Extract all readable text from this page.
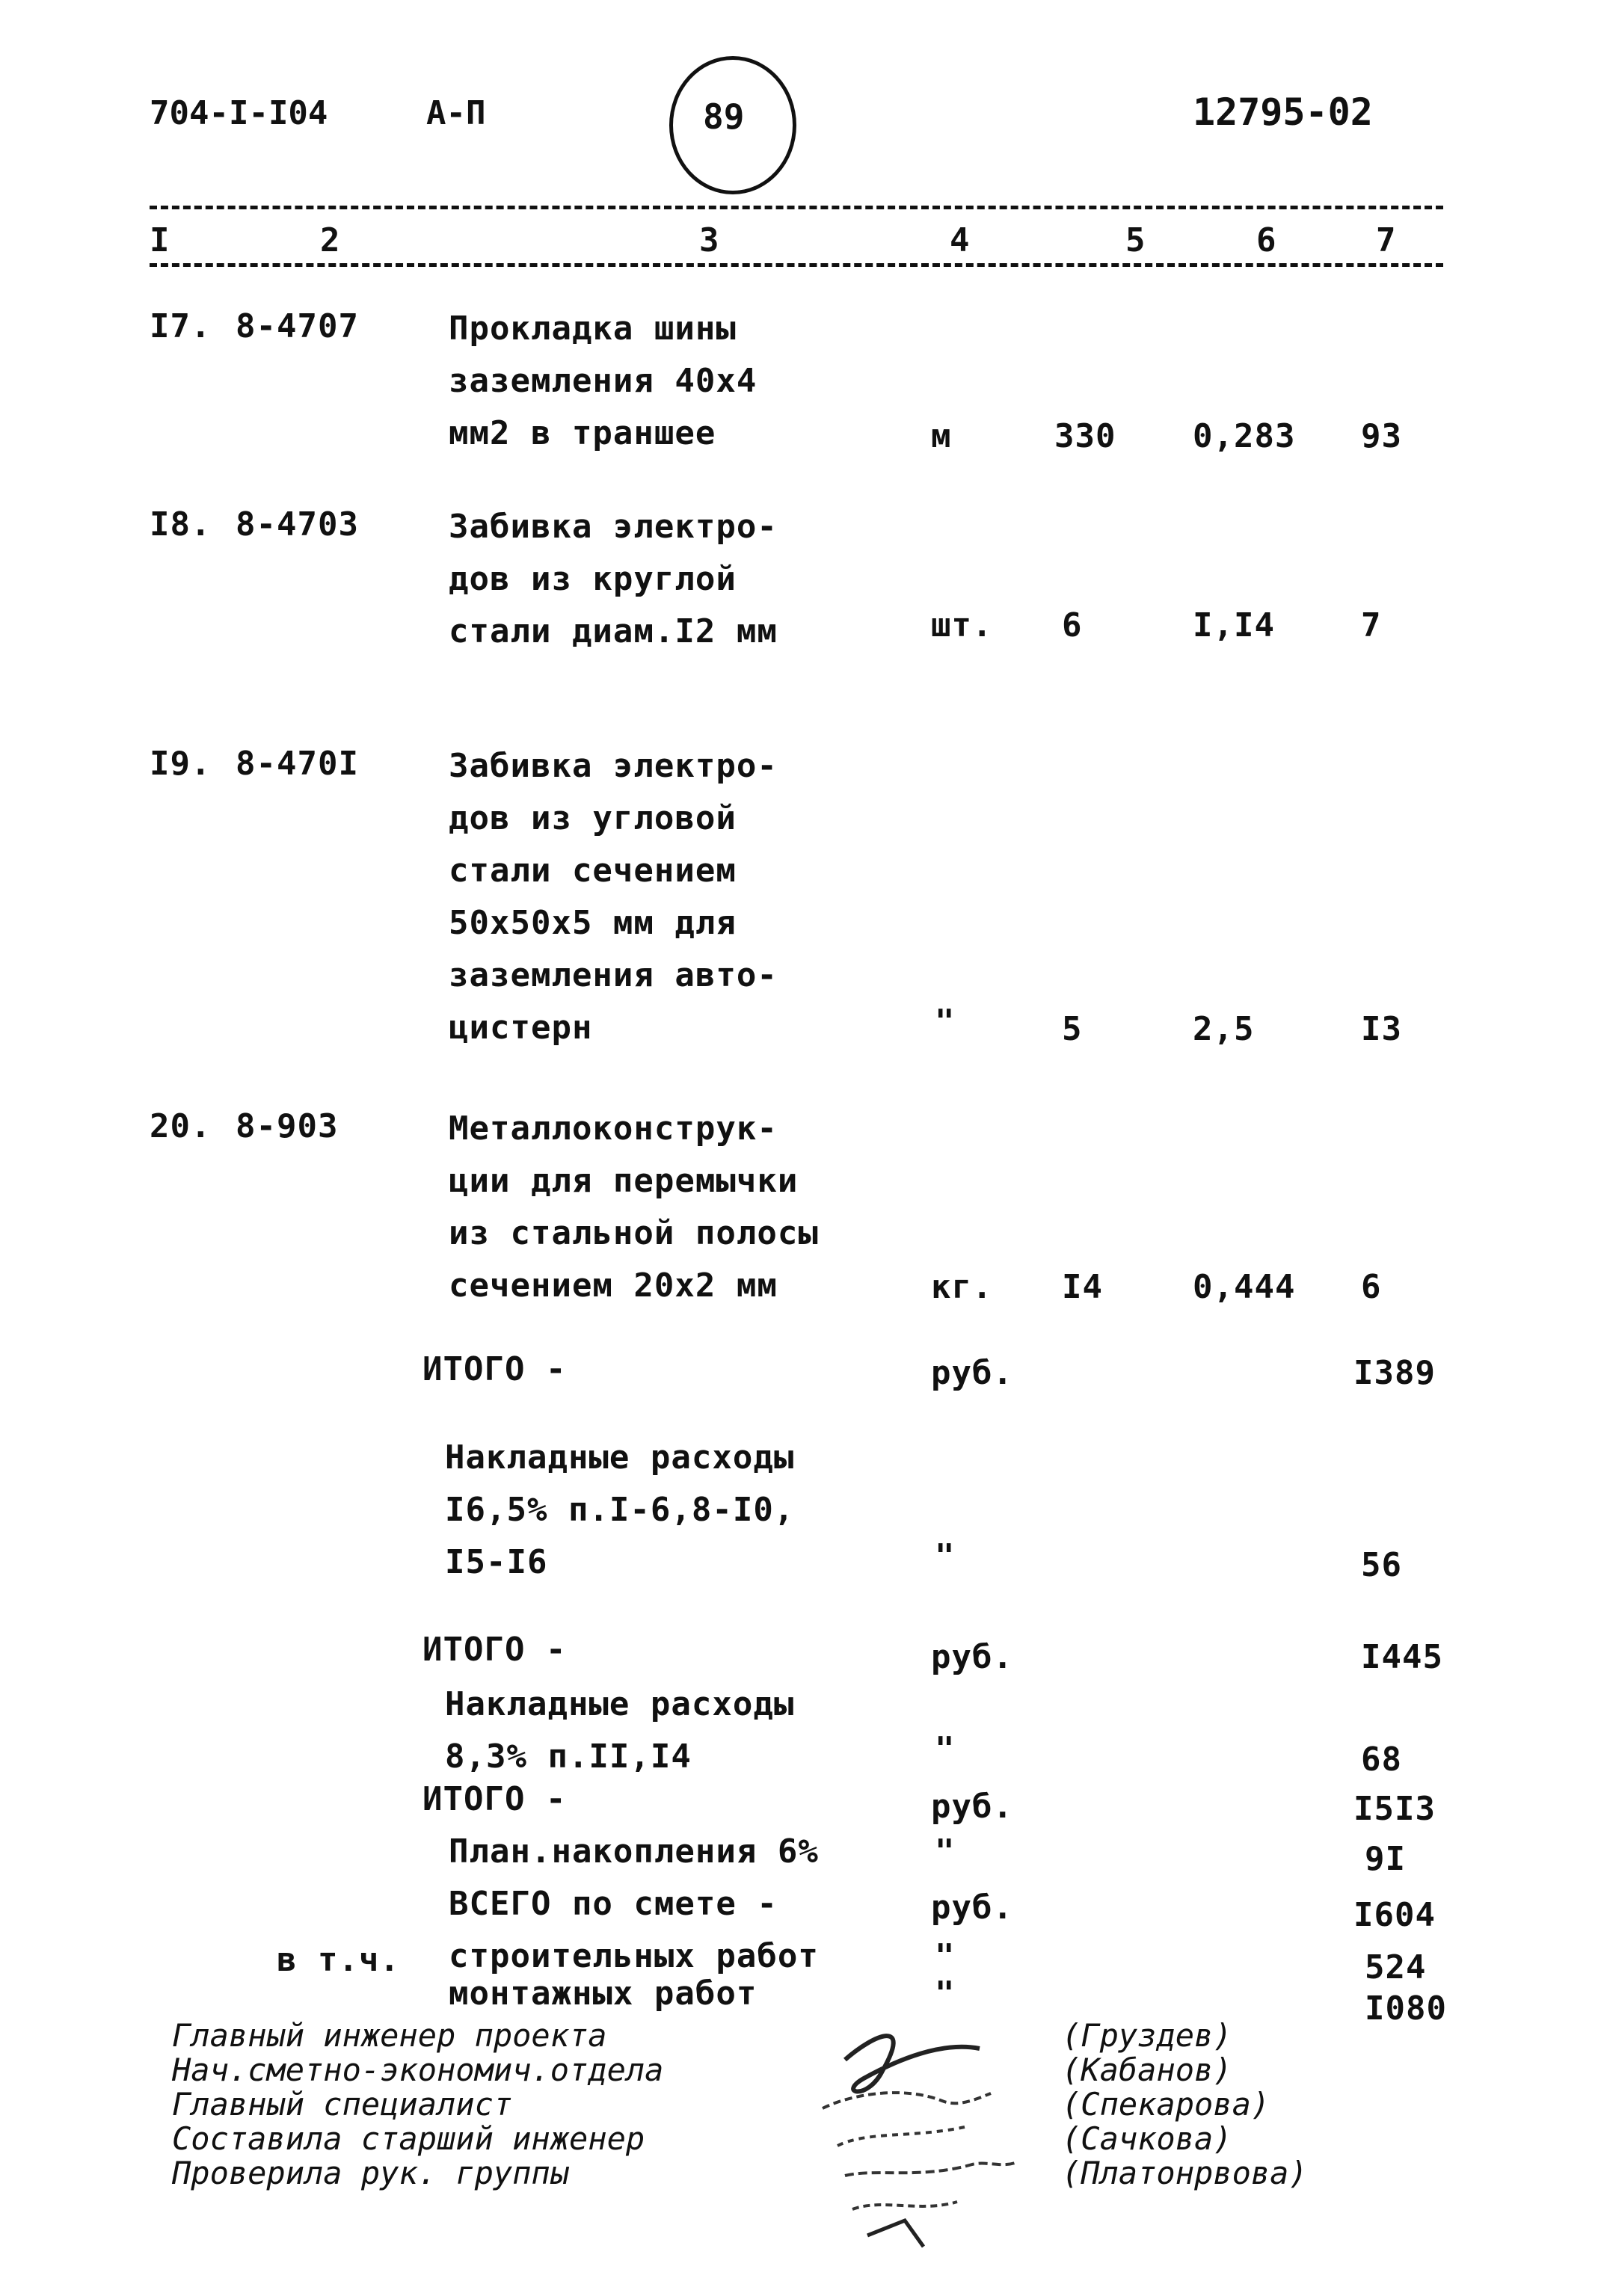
704-I-I04	А-П	89	12795-02
I	2	3	4	5	6	7
I7. 8-4707	Прокладка шины
заземления 40х4
мм2 в траншее	м	330 0,283 93
I8. 8-4703	Забивка электро-
дов из круглой
стали диам.I2 мм	шт. 6	I,I4	7
I9. 8-470I	Забивка электро-
дов из угловой
стали сечением
50х50х5 мм для
заземления авто-
цистерн	"	5	2,5	I3
20. 8-903	Металлоконструк-
ции для перемычки
из стальной полосы
сечением 20х2 мм	кг. I4	0,444 6
ИТОГО -	руб.	I389
Накладные расходы
I6,5% п.I-6,8-I0,
I5-I6	"	56
ИТОГО -	руб.	I445
Накладные расходы
8,3% п.II,I4	"	68
ИТОГО -	руб.	I5I3
План.накопления 6%	"	9I
ВСЕГО по смете -	руб.	I604
в т.ч. строительных работ	"	524
монтажных работ	"	I080
Главный инженер проекта
Нач.сметно-экономич.отдела
Главный специалист
Составила старший инженер
Проверила рук. группы
(Груздев)
(Кабанов)
(Спекарова)
(Сачкова)
(Платонрвова)
